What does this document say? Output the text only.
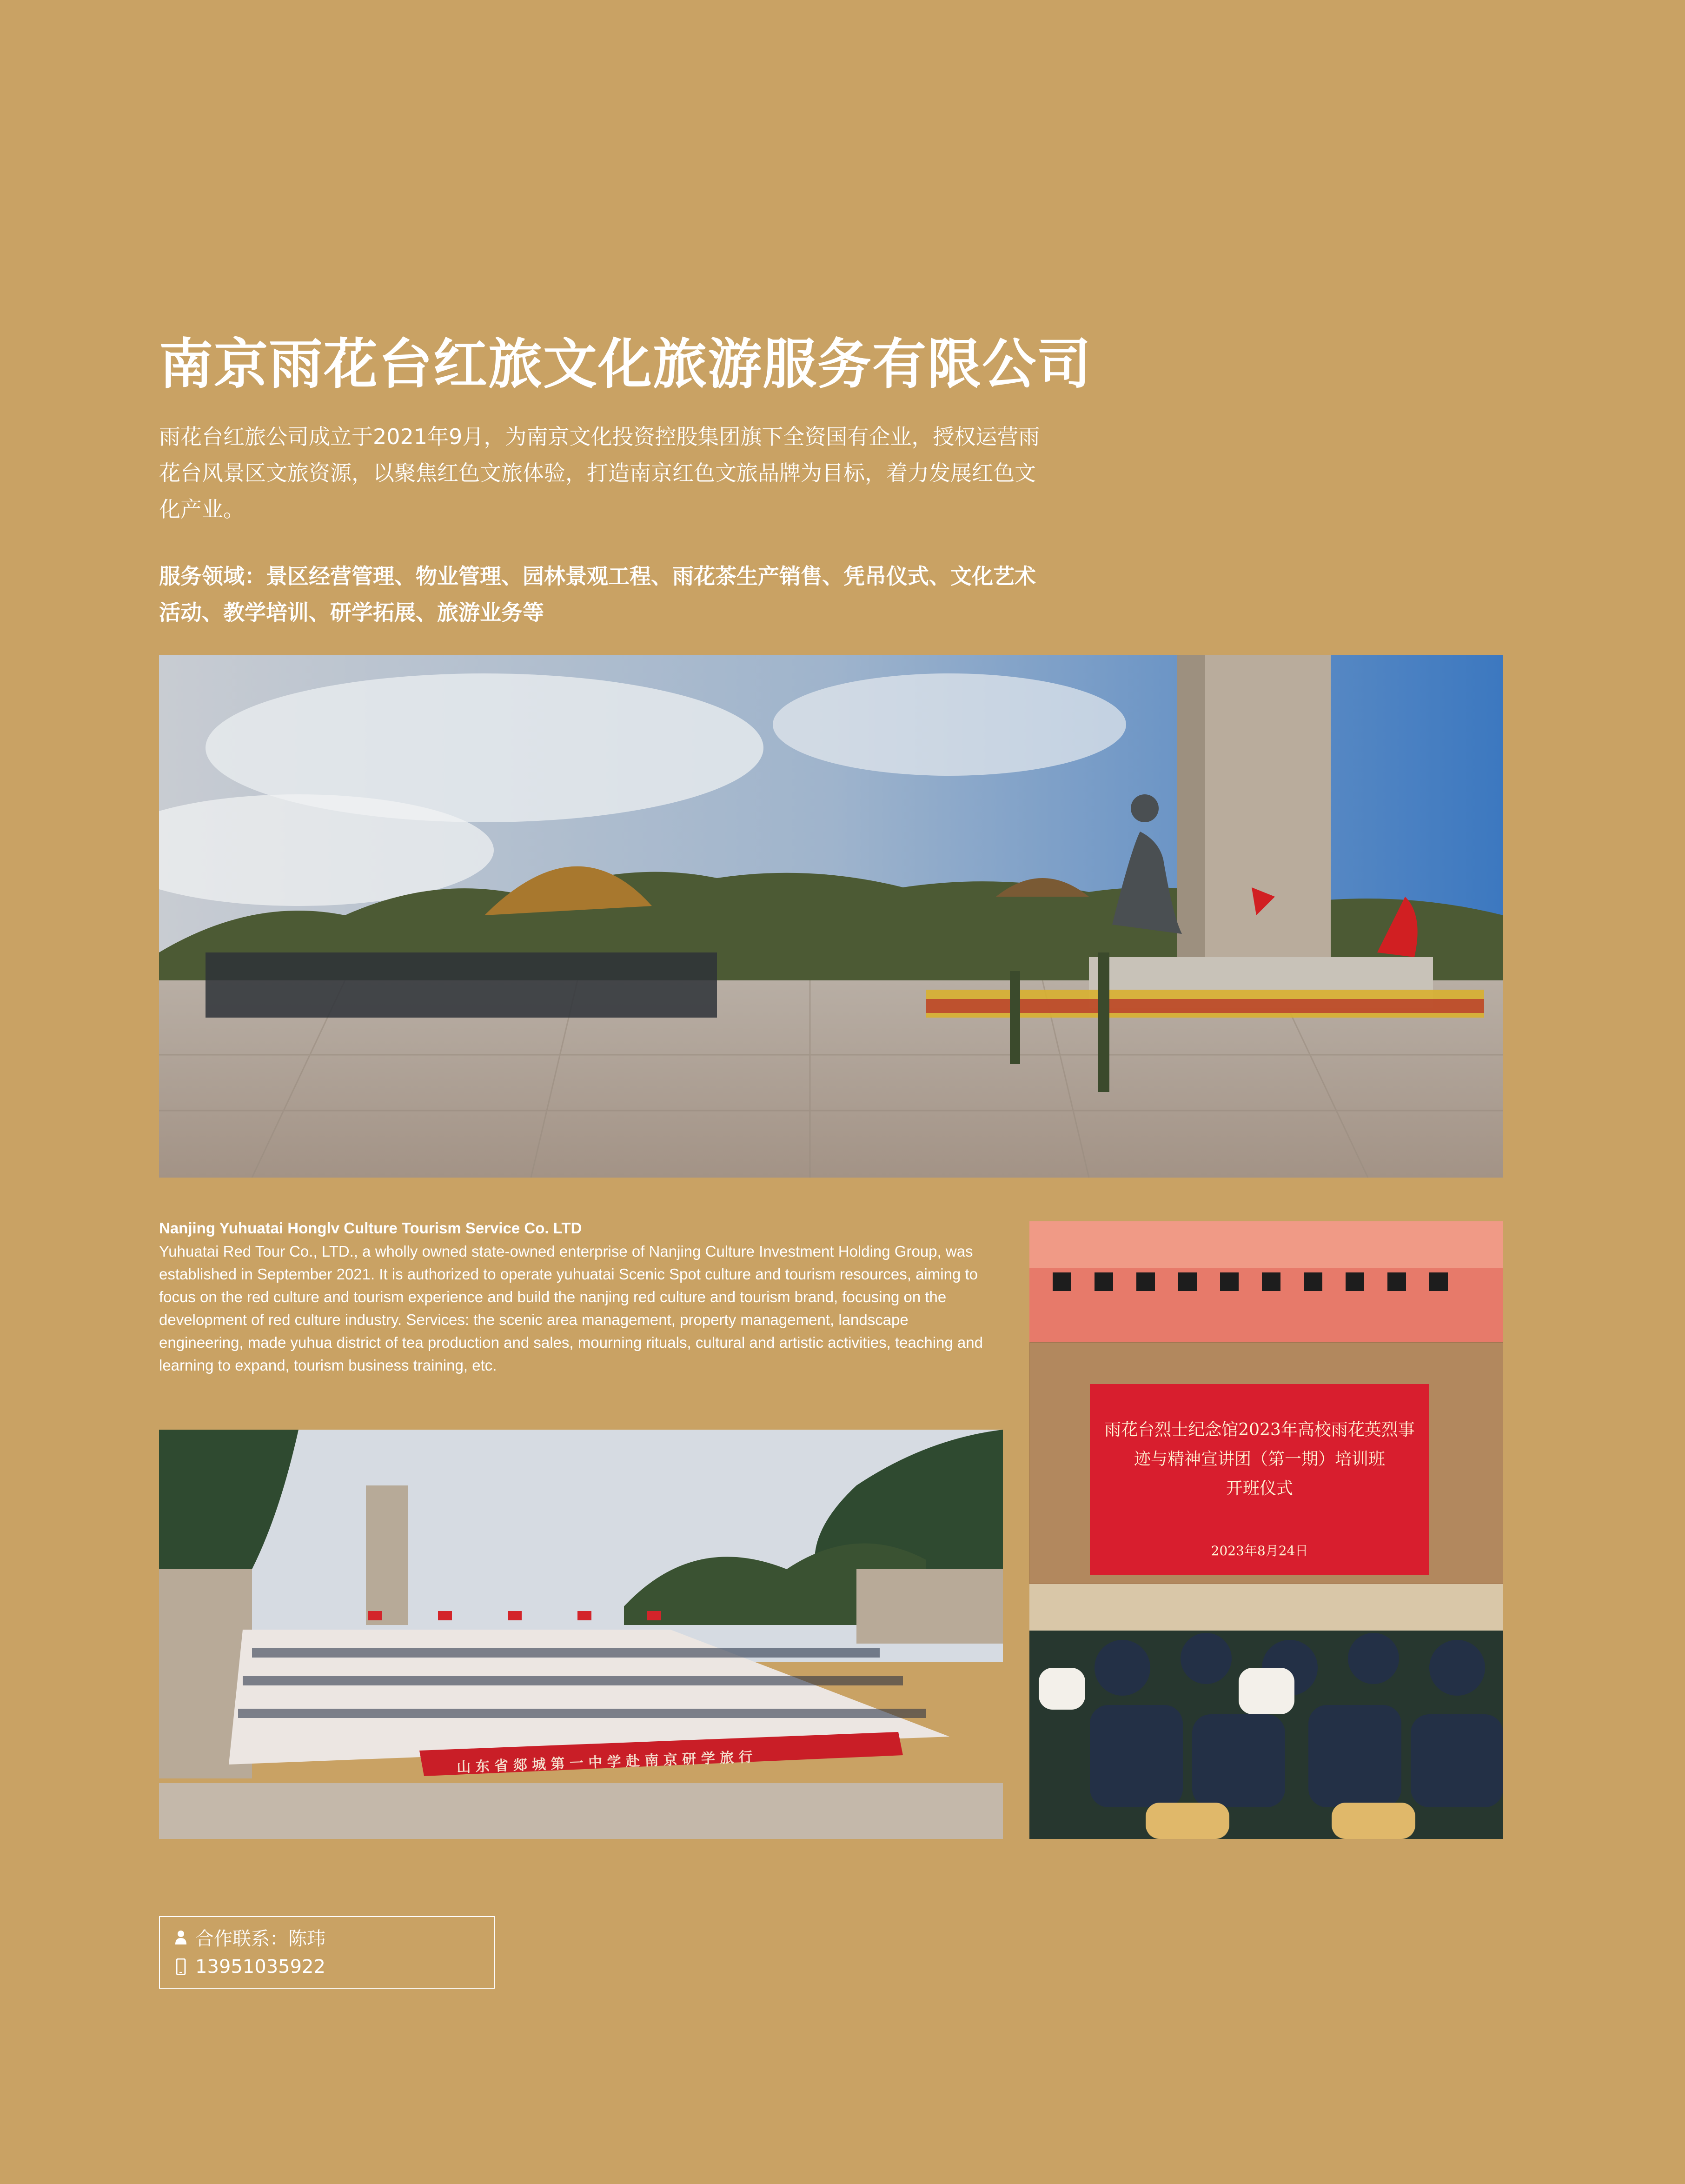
南京雨花台红旅文化旅游服务有限公司
雨花台红旅公司成立于2021年9月，为南京文化投资控股集团旗下全资国有企业，授权运营雨花台风景区文旅资源，以聚焦红色文旅体验，打造南京红色文旅品牌为目标，着力发展红色文化产业。
服务领域：景区经营管理、物业管理、园林景观工程、雨花茶生产销售、凭吊仪式、文化艺术活动、教学培训、研学拓展、旅游业务等
Nanjing Yuhuatai Honglv Culture Tourism Service Co. LTD
Yuhuatai Red Tour Co., LTD., a wholly owned state-owned enterprise of Nanjing Culture Investment Holding Group, was established in September 2021. It is authorized to operate yuhuatai Scenic Spot culture and tourism resources, aiming to focus on the red culture and tourism experience and build the nanjing red culture and tourism brand, focusing on the development of red culture industry. Services: the scenic area management, property management, landscape engineering, made yuhua district of tea production and sales, mourning rituals, cultural and artistic activities, teaching and learning to expand, tourism business training, etc.
雨花台烈士纪念馆2023年高校雨花英烈事
迹与精神宣讲团（第一期）培训班
开班仪式
2023年8月24日
山 东 省 郯 城 第 一 中 学 赴 南 京 研 学 旅 行
合作联系：陈玮
13951035922
